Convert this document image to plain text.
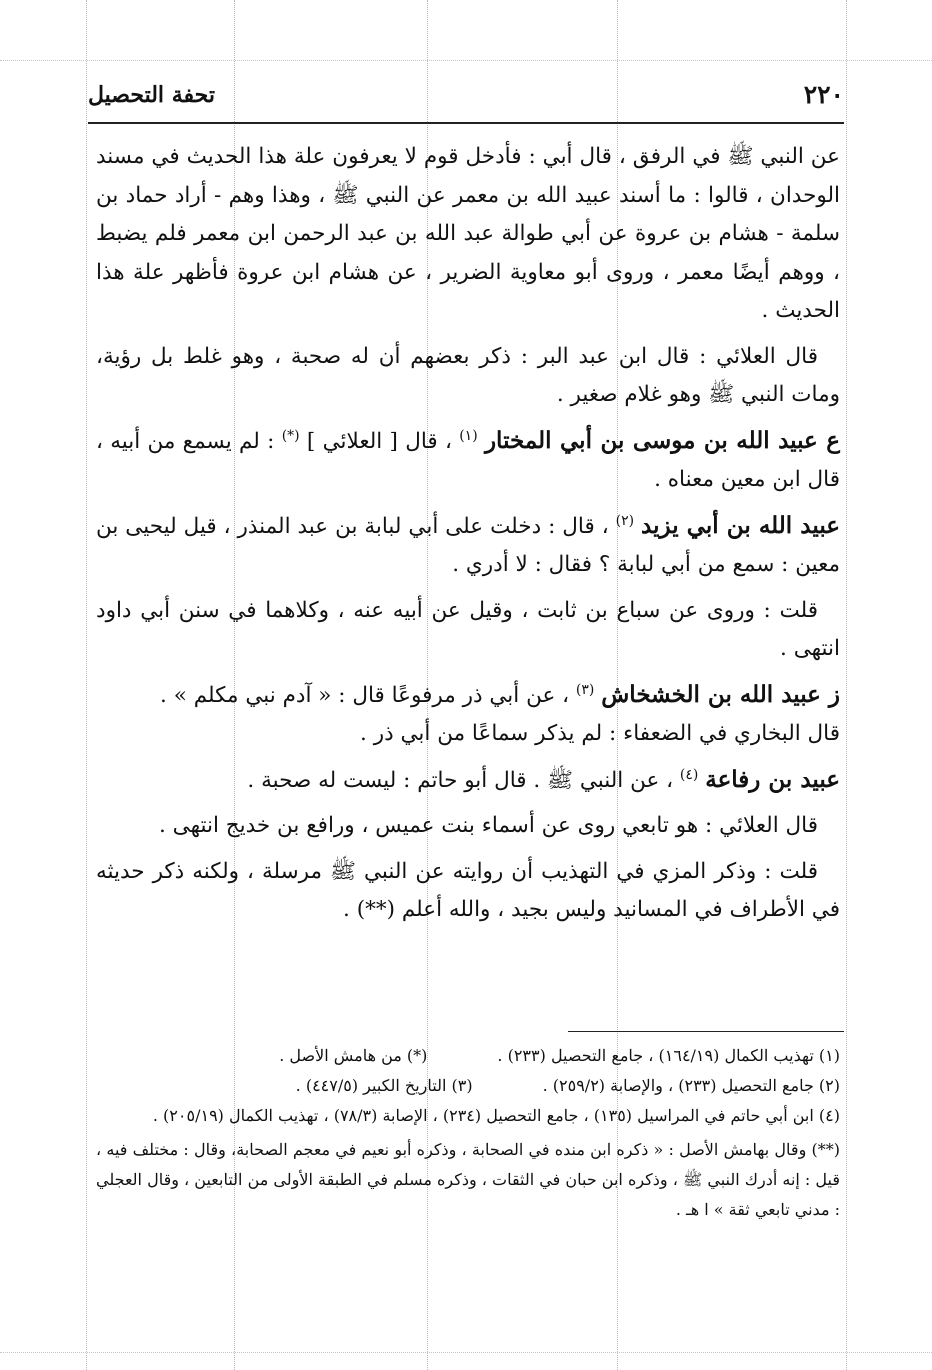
٢٢٠
تحفة التحصيل

عن النبي ﷺ في الرفق ، قال أبي : فأدخل قوم لا يعرفون علة هذا الحديث في مسند الوحدان ، قالوا : ما أسند عبيد الله بن معمر عن النبي ﷺ ، وهذا وهم - أراد حماد بن سلمة - هشام بن عروة عن أبي طوالة عبد الله بن عبد الرحمن ابن معمر فلم يضبط ، ووهم أيضًا معمر ، وروى أبو معاوية الضرير ، عن هشام ابن عروة فأظهر علة هذا الحديث .

قال العلائي : قال ابن عبد البر : ذكر بعضهم أن له صحبة ، وهو غلط بل رؤية، ومات النبي ﷺ وهو غلام صغير .

ع عبيد الله بن موسى بن أبي المختار $^{(١)}$ ، قال [ العلائي ] (*) : لم يسمع من أبيه ، قال ابن معين معناه .

عبيد الله بن أبي يزيد $^{(٢)}$ ، قال : دخلت على أبي لبابة بن عبد المنذر ، قيل ليحيى بن معين : سمع من أبي لبابة ؟ فقال : لا أدري .

قلت : وروى عن سباع بن ثابت ، وقيل عن أبيه عنه ، وكلاهما في سنن أبي داود انتهى .

ز عبيد الله بن الخشخاش $^{(٣)}$ ، عن أبي ذر مرفوعًا قال : « آدم نبي مكلم » .

قال البخاري في الضعفاء : لم يذكر سماعًا من أبي ذر .

عبيد بن رفاعة $^{(٤)}$ ، عن النبي ﷺ . قال أبو حاتم : ليست له صحبة .

قال العلائي : هو تابعي روى عن أسماء بنت عميس ، ورافع بن خديج انتهى .

قلت : وذكر المزي في التهذيب أن روايته عن النبي ﷺ مرسلة ، ولكنه ذكر حديثه في الأطراف في المسانيد وليس بجيد ، والله أعلم (**) .

(١) تهذيب الكمال (١٦٤/١٩) ، جامع التحصيل (٢٣٣) .
(*) من هامش الأصل .
(٢) جامع التحصيل (٢٣٣) ، والإصابة (٢٥٩/٢) .
(٣) التاريخ الكبير (٤٤٧/٥) .

(٤) ابن أبي حاتم في المراسيل (١٣٥) ، جامع التحصيل (٢٣٤) ، الإصابة (٧٨/٣) ، تهذيب الكمال (٢٠٥/١٩) .

(**) وقال بهامش الأصل : « ذكره ابن منده في الصحابة ، وذكره أبو نعيم في معجم الصحابة، وقال : مختلف فيه ، قيل : إنه أدرك النبي ﷺ ، وذكره ابن حبان في الثقات ، وذكره مسلم في الطبقة الأولى من التابعين ، وقال العجلي : مدني تابعي ثقة » ا هـ .
